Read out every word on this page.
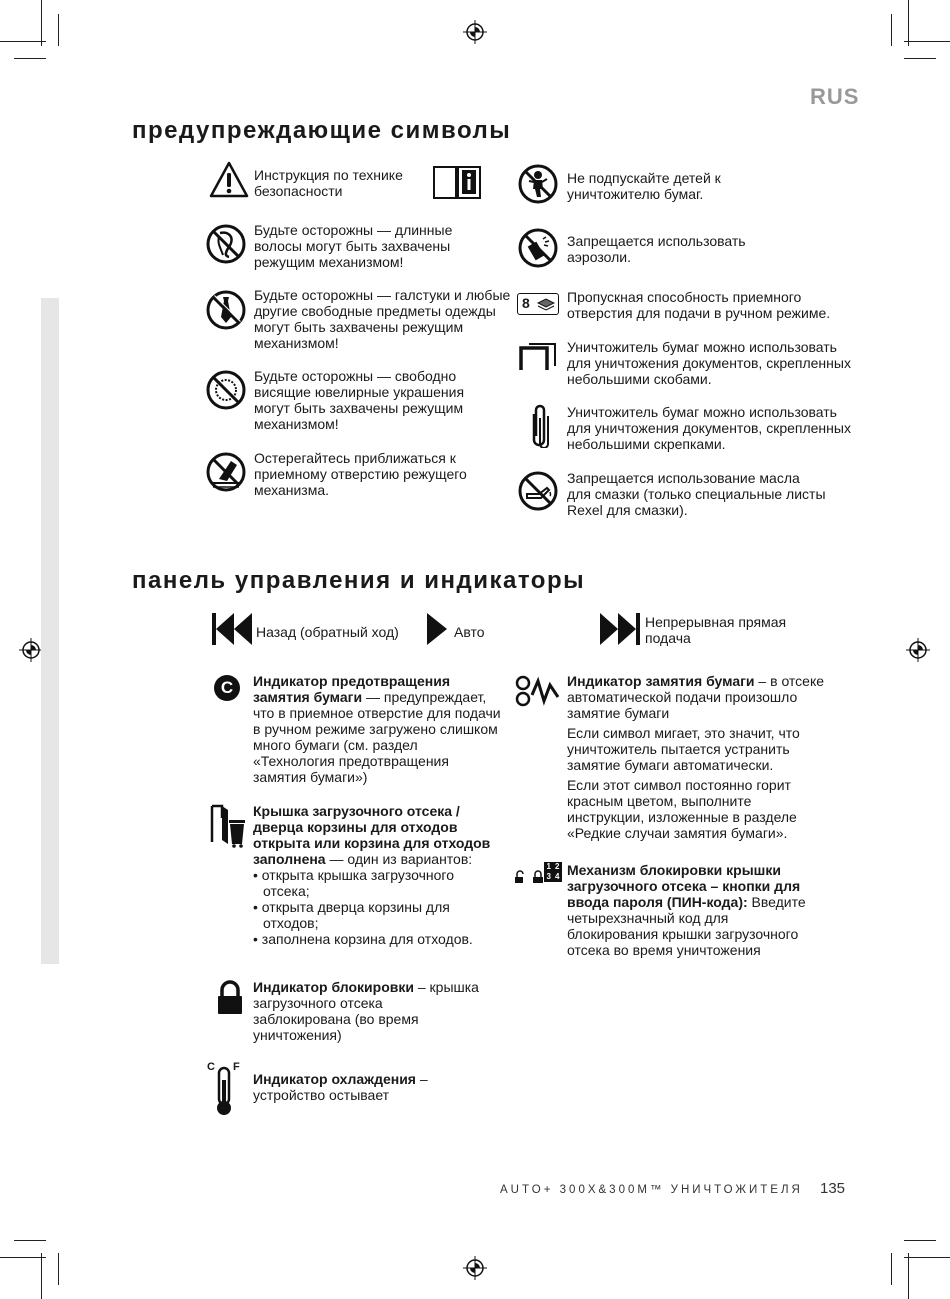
RUS
предупреждающие символы
Инструкция по технике безопасности
Будьте осторожны — длинные волосы могут быть захвачены режущим механизмом!
Будьте осторожны — галстуки и любые другие свободные предметы одежды могут быть захвачены режущим механизмом!
Будьте осторожны — свободно висящие ювелирные украшения могут быть захвачены режущим механизмом!
Остерегайтесь приближаться к приемному отверстию режущего механизма.
Не подпускайте детей к уничтожителю бумаг.
Запрещается использовать аэрозоли.
8	Пропускная способность приемного отверстия для подачи в ручном режиме.
Уничтожитель бумаг можно использовать для уничтожения документов, скрепленных небольшими скобами.
Уничтожитель бумаг можно использовать для уничтожения документов, скрепленных небольшими скрепками.
Запрещается использование масла для смазки (только специальные листы Rexel для смазки).
панель управления и индикаторы
Назад (обратный ход)	Авто
Непрерывная прямая подача
C	Индикатор предотвращения замятия бумаги — предупреждает, что в приемное отверстие для подачи в ручном режиме загружено слишком много бумаги (см. раздел «Технология предотвращения замятия бумаги»)
Крышка загрузочного отсека / дверца корзины для отходов открыта или корзина для отходов заполнена — один из вариантов:
• открыта крышка загрузочного отсека;
• открыта дверца корзины для отходов;
• заполнена корзина для отходов.
Индикатор блокировки – крышка загрузочного отсека заблокирована (во время уничтожения)
C F
Индикатор охлаждения – устройство остывает

Индикатор замятия бумаги – в отсеке автоматической подачи произошло замятие бумаги

Если символ мигает, это значит, что уничтожитель пытается устранить замятие бумаги автоматически.

Если этот символ постоянно горит красным цветом, выполните инструкции, изложенные в разделе «Редкие случаи замятия бумаги».

1 2
3 4 Механизм блокировки крышки загрузочного отсека – кнопки для ввода пароля (ПИН-кода): Введите четырехзначный код для блокирования крышки загрузочного отсека во время уничтожения
AUTO+ 300X&300M™ УНИЧТОЖИТЕЛЯ 135
